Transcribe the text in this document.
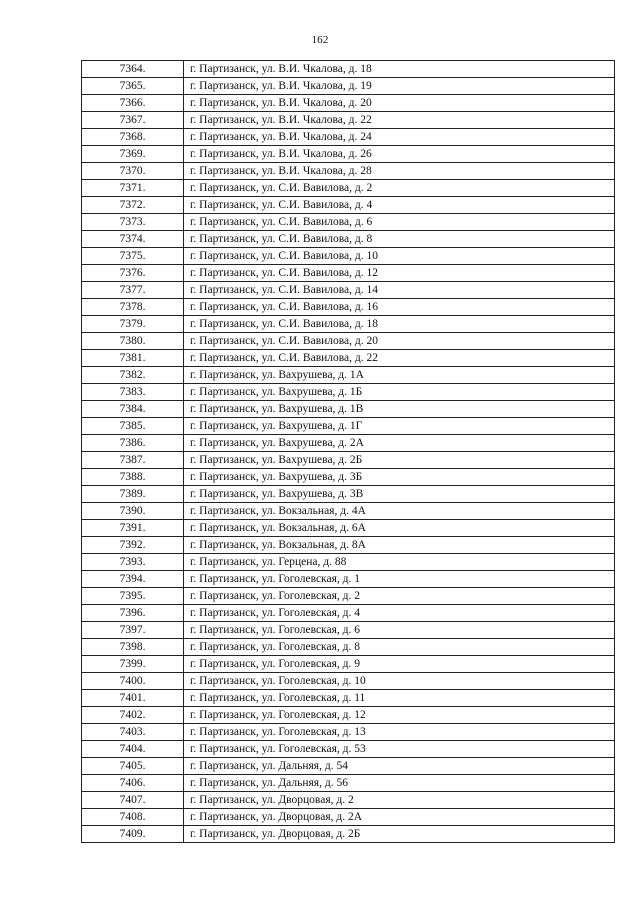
162
7364.	г. Партизанск, ул. В.И. Чкалова, д. 18
7365.	г. Партизанск, ул. В.И. Чкалова, д. 19
7366.	г. Партизанск, ул. В.И. Чкалова, д. 20
7367.	г. Партизанск, ул. В.И. Чкалова, д. 22
7368.	г. Партизанск, ул. В.И. Чкалова, д. 24
7369.	г. Партизанск, ул. В.И. Чкалова, д. 26
7370.	г. Партизанск, ул. В.И. Чкалова, д. 28
7371.	г. Партизанск, ул. С.И. Вавилова, д. 2
7372.	г. Партизанск, ул. С.И. Вавилова, д. 4
7373.	г. Партизанск, ул. С.И. Вавилова, д. 6
7374.	г. Партизанск, ул. С.И. Вавилова, д. 8
7375.	г. Партизанск, ул. С.И. Вавилова, д. 10
7376.	г. Партизанск, ул. С.И. Вавилова, д. 12
7377.	г. Партизанск, ул. С.И. Вавилова, д. 14
7378.	г. Партизанск, ул. С.И. Вавилова, д. 16
7379.	г. Партизанск, ул. С.И. Вавилова, д. 18
7380.	г. Партизанск, ул. С.И. Вавилова, д. 20
7381.	г. Партизанск, ул. С.И. Вавилова, д. 22
7382.	г. Партизанск, ул. Вахрушева, д. 1А
7383.	г. Партизанск, ул. Вахрушева, д. 1Б
7384.	г. Партизанск, ул. Вахрушева, д. 1В
7385.	г. Партизанск, ул. Вахрушева, д. 1Г
7386.	г. Партизанск, ул. Вахрушева, д. 2А
7387.	г. Партизанск, ул. Вахрушева, д. 2Б
7388.	г. Партизанск, ул. Вахрушева, д. 3Б
7389.	г. Партизанск, ул. Вахрушева, д. 3В
7390.	г. Партизанск, ул. Вокзальная, д. 4А
7391.	г. Партизанск, ул. Вокзальная, д. 6А
7392.	г. Партизанск, ул. Вокзальная, д. 8А
7393.	г. Партизанск, ул. Герцена, д. 88
7394.	г. Партизанск, ул. Гоголевская, д. 1
7395.	г. Партизанск, ул. Гоголевская, д. 2
7396.	г. Партизанск, ул. Гоголевская, д. 4
7397.	г. Партизанск, ул. Гоголевская, д. 6
7398.	г. Партизанск, ул. Гоголевская, д. 8
7399.	г. Партизанск, ул. Гоголевская, д. 9
7400.	г. Партизанск, ул. Гоголевская, д. 10
7401.	г. Партизанск, ул. Гоголевская, д. 11
7402.	г. Партизанск, ул. Гоголевская, д. 12
7403.	г. Партизанск, ул. Гоголевская, д. 13
7404.	г. Партизанск, ул. Гоголевская, д. 53
7405.	г. Партизанск, ул. Дальняя, д. 54
7406.	г. Партизанск, ул. Дальняя, д. 56
7407.	г. Партизанск, ул. Дворцовая, д. 2
7408.	г. Партизанск, ул. Дворцовая, д. 2А
7409.	г. Партизанск, ул. Дворцовая, д. 2Б
